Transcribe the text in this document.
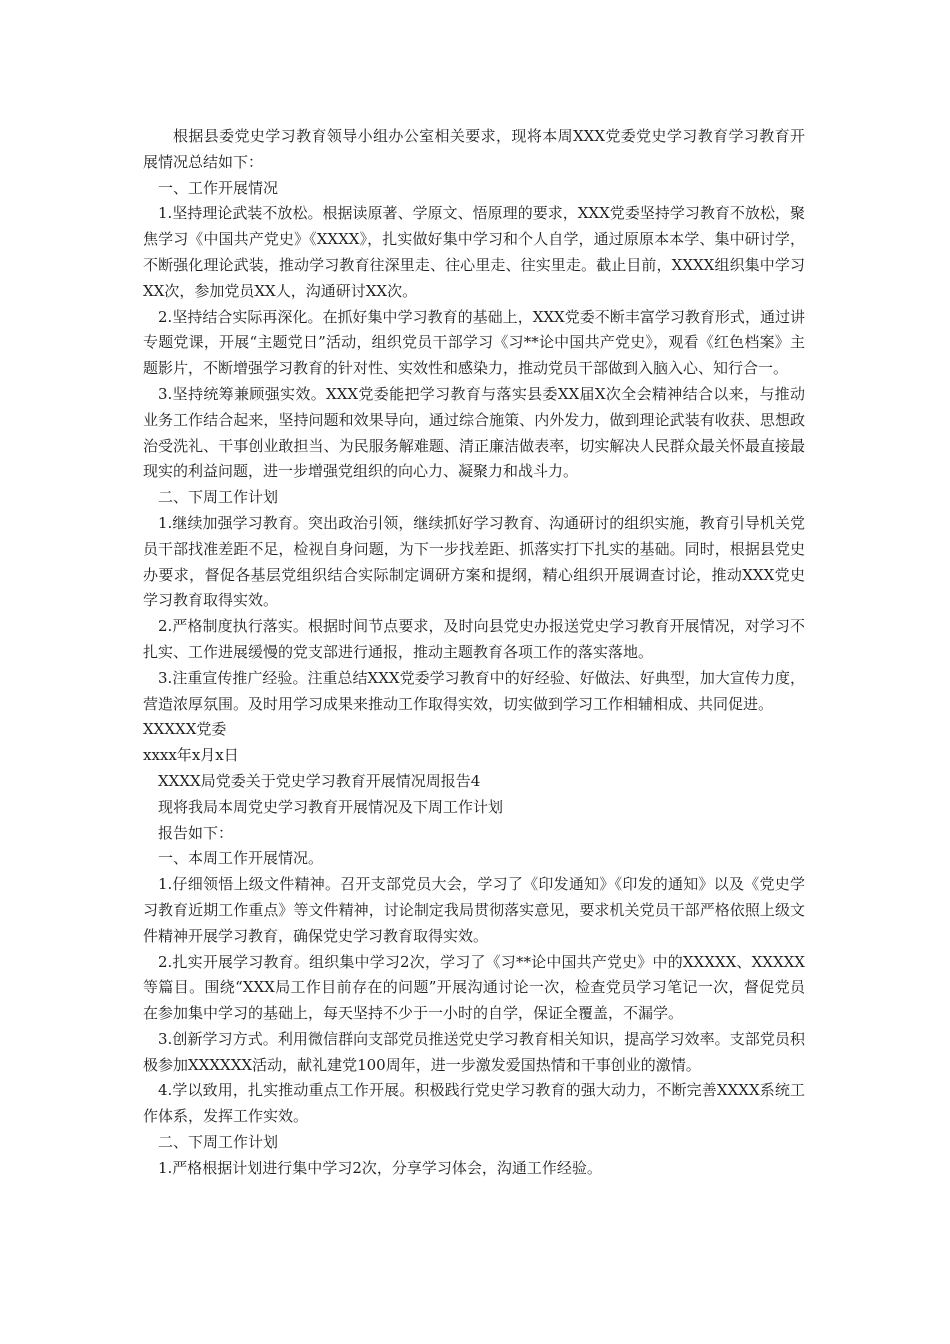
根据县委党史学习教育领导小组办公室相关要求，现将本周XXX党委党史学习教育学习教育开展情况总结如下：

一、工作开展情况

1.坚持理论武装不放松。根据读原著、学原文、悟原理的要求，XXX党委坚持学习教育不放松，聚焦学习《中国共产党史》《XXXX》，扎实做好集中学习和个人自学，通过原原本本学、集中研讨学，不断强化理论武装，推动学习教育往深里走、往心里走、往实里走。截止目前，XXXX组织集中学习XX次，参加党员XX人，沟通研讨XX次。

2.坚持结合实际再深化。在抓好集中学习教育的基础上，XXX党委不断丰富学习教育形式，通过讲专题党课，开展“主题党日”活动，组织党员干部学习《习**论中国共产党史》，观看《红色档案》主题影片，不断增强学习教育的针对性、实效性和感染力，推动党员干部做到入脑入心、知行合一。

3.坚持统筹兼顾强实效。XXX党委能把学习教育与落实县委XX届X次全会精神结合以来，与推动业务工作结合起来，坚持问题和效果导向，通过综合施策、内外发力，做到理论武装有收获、思想政治受洗礼、干事创业敢担当、为民服务解难题、清正廉洁做表率，切实解决人民群众最关怀最直接最现实的利益问题，进一步增强党组织的向心力、凝聚力和战斗力。

二、下周工作计划

1.继续加强学习教育。突出政治引领，继续抓好学习教育、沟通研讨的组织实施，教育引导机关党员干部找准差距不足，检视自身问题，为下一步找差距、抓落实打下扎实的基础。同时，根据县党史办要求，督促各基层党组织结合实际制定调研方案和提纲，精心组织开展调查讨论，推动XXX党史学习教育取得实效。

2.严格制度执行落实。根据时间节点要求，及时向县党史办报送党史学习教育开展情况，对学习不扎实、工作进展缓慢的党支部进行通报，推动主题教育各项工作的落实落地。

3.注重宣传推广经验。注重总结XXX党委学习教育中的好经验、好做法、好典型，加大宣传力度，营造浓厚氛围。及时用学习成果来推动工作取得实效，切实做到学习工作相辅相成、共同促进。

XXXXX党委

xxxx年x月x日

XXXX局党委关于党史学习教育开展情况周报告4

现将我局本周党史学习教育开展情况及下周工作计划

报告如下：

一、本周工作开展情况。

1.仔细领悟上级文件精神。召开支部党员大会，学习了《印发通知》《印发的通知》以及《党史学习教育近期工作重点》等文件精神，讨论制定我局贯彻落实意见，要求机关党员干部严格依照上级文件精神开展学习教育，确保党史学习教育取得实效。

2.扎实开展学习教育。组织集中学习2次，学习了《习**论中国共产党史》中的XXXXX、XXXXX等篇目。围绕“XXX局工作目前存在的问题”开展沟通讨论一次，检查党员学习笔记一次，督促党员在参加集中学习的基础上，每天坚持不少于一小时的自学，保证全覆盖，不漏学。

3.创新学习方式。利用微信群向支部党员推送党史学习教育相关知识，提高学习效率。支部党员积极参加XXXXXX活动，献礼建党100周年，进一步激发爱国热情和干事创业的激情。

4.学以致用，扎实推动重点工作开展。积极践行党史学习教育的强大动力，不断完善XXXX系统工作体系，发挥工作实效。

二、下周工作计划

1.严格根据计划进行集中学习2次，分享学习体会，沟通工作经验。
